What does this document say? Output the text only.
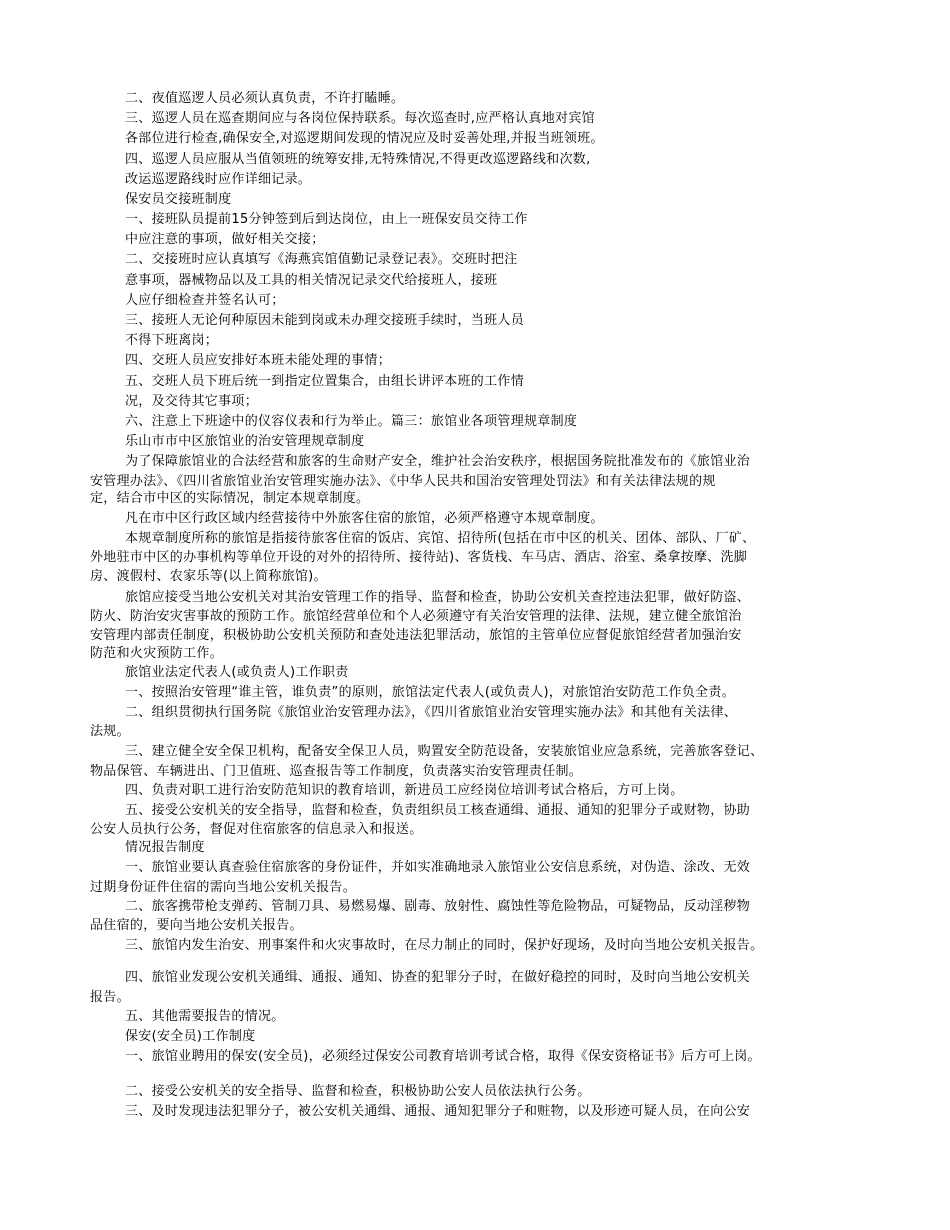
二、夜值巡逻人员必须认真负责，不许打瞌睡。
三、巡逻人员在巡查期间应与各岗位保持联系。每次巡查时,应严格认真地对宾馆
各部位进行检查,确保安全,对巡逻期间发现的情况应及时妥善处理,并报当班领班。
四、巡逻人员应服从当值领班的统筹安排,无特殊情况,不得更改巡逻路线和次数,
改运巡逻路线时应作详细记录。
保安员交接班制度
一、接班队员提前15分钟签到后到达岗位，由上一班保安员交待工作
中应注意的事项，做好相关交接；
二、交接班时应认真填写《海燕宾馆值勤记录登记表》。交班时把注
意事项，器械物品以及工具的相关情况记录交代给接班人，接班
人应仔细检查并签名认可；
三、接班人无论何种原因未能到岗或未办理交接班手续时，当班人员
不得下班离岗；
四、交班人员应安排好本班未能处理的事情；
五、交班人员下班后统一到指定位置集合，由组长讲评本班的工作情
况，及交待其它事项；
六、注意上下班途中的仪容仪表和行为举止。篇三：旅馆业各项管理规章制度
乐山市市中区旅馆业的治安管理规章制度
为了保障旅馆业的合法经营和旅客的生命财产安全，维护社会治安秩序，根据国务院批准发布的《旅馆业治
安管理办法》、《四川省旅馆业治安管理实施办法》、《中华人民共和国治安管理处罚法》和有关法律法规的规
定，结合市中区的实际情况，制定本规章制度。
凡在市中区行政区域内经营接待中外旅客住宿的旅馆，必须严格遵守本规章制度。
本规章制度所称的旅馆是指接待旅客住宿的饭店、宾馆、招待所(包括在市中区的机关、团体、部队、厂矿、
外地驻市中区的办事机构等单位开设的对外的招待所、接待站)、客货栈、车马店、酒店、浴室、桑拿按摩、洗脚
房、渡假村、农家乐等(以上简称旅馆)。
旅馆应接受当地公安机关对其治安管理工作的指导、监督和检查，协助公安机关查控违法犯罪，做好防盗、
防火、防治安灾害事故的预防工作。旅馆经营单位和个人必须遵守有关治安管理的法律、法规，建立健全旅馆治
安管理内部责任制度，积极协助公安机关预防和查处违法犯罪活动，旅馆的主管单位应督促旅馆经营者加强治安
防范和火灾预防工作。
旅馆业法定代表人(或负责人)工作职责
一、按照治安管理“谁主管，谁负责”的原则，旅馆法定代表人(或负责人)，对旅馆治安防范工作负全责。
二、组织贯彻执行国务院《旅馆业治安管理办法》，《四川省旅馆业治安管理实施办法》和其他有关法律、
法规。
三、建立健全安全保卫机构，配备安全保卫人员，购置安全防范设备，安装旅馆业应急系统，完善旅客登记、
物品保管、车辆进出、门卫值班、巡查报告等工作制度，负责落实治安管理责任制。
四、负责对职工进行治安防范知识的教育培训，新进员工应经岗位培训考试合格后，方可上岗。
五、接受公安机关的安全指导，监督和检查，负责组织员工核查通缉、通报、通知的犯罪分子或财物，协助
公安人员执行公务，督促对住宿旅客的信息录入和报送。
情况报告制度
一、旅馆业要认真查验住宿旅客的身份证件，并如实准确地录入旅馆业公安信息系统，对伪造、涂改、无效
过期身份证件住宿的需向当地公安机关报告。
二、旅客携带枪支弹药、管制刀具、易燃易爆、剧毒、放射性、腐蚀性等危险物品，可疑物品，反动淫秽物
品住宿的，要向当地公安机关报告。
三、旅馆内发生治安、刑事案件和火灾事故时，在尽力制止的同时，保护好现场，及时向当地公安机关报告。
四、旅馆业发现公安机关通缉、通报、通知、协查的犯罪分子时，在做好稳控的同时，及时向当地公安机关
报告。
五、其他需要报告的情况。
保安(安全员)工作制度
一、旅馆业聘用的保安(安全员)，必须经过保安公司教育培训考试合格，取得《保安资格证书》后方可上岗。
二、接受公安机关的安全指导、监督和检查，积极协助公安人员依法执行公务。
三、及时发现违法犯罪分子，被公安机关通缉、通报、通知犯罪分子和赃物，以及形迹可疑人员，在向公安
